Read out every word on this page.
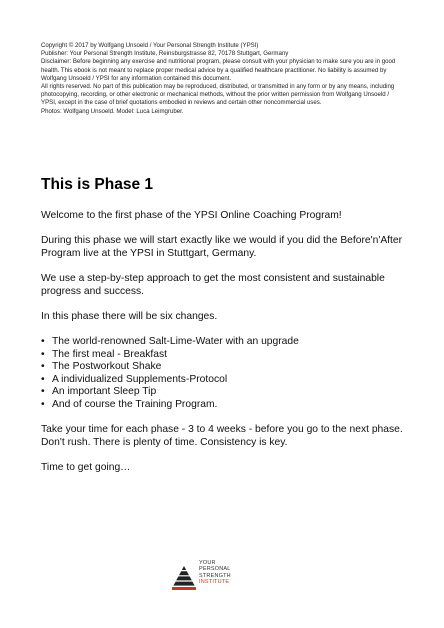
Copyright © 2017 by Wolfgang Unsoeld / Your Personal Strength Institute (YPSI)

Publisher: Your Personal Strength Institute, Reinsburgstrasse 82, 70178 Stuttgart, Germany

Disclaimer: Before beginning any exercise and nutritional program, please consult with your physician to make sure you are in good health. This ebook is not meant to replace proper medical advice by a qualified healthcare practitioner. No liability is assumed by Wolfgang Unsoeld / YPSI for any information contained this document.

All rights reserved. No part of this publication may be reproduced, distributed, or transmitted in any form or by any means, including photocopying, recording, or other electronic or mechanical methods, without the prior written permission from Wolfgang Unsoeld / YPSI, except in the case of brief quotations embodied in reviews and certain other noncommercial uses.

Photos: Wolfgang Unsoeld. Model: Luca Leimgruber.

This is Phase 1

Welcome to the first phase of the YPSI Online Coaching Program!

During this phase we will start exactly like we would if you did the Before'n'After Program live at the YPSI in Stuttgart, Germany.

We use a step-by-step approach to get the most consistent and sustainable progress and success.

In this phase there will be six changes.

• The world-renowned Salt-Lime-Water with an upgrade
• The first meal - Breakfast
• The Postworkout Shake
• A individualized Supplements-Protocol
• An important Sleep Tip
• And of course the Training Program.

Take your time for each phase - 3 to 4 weeks - before you go to the next phase. Don't rush. There is plenty of time. Consistency is key.

Time to get going…

YOUR
PERSONAL
STRENGTH
INSTITUTE
